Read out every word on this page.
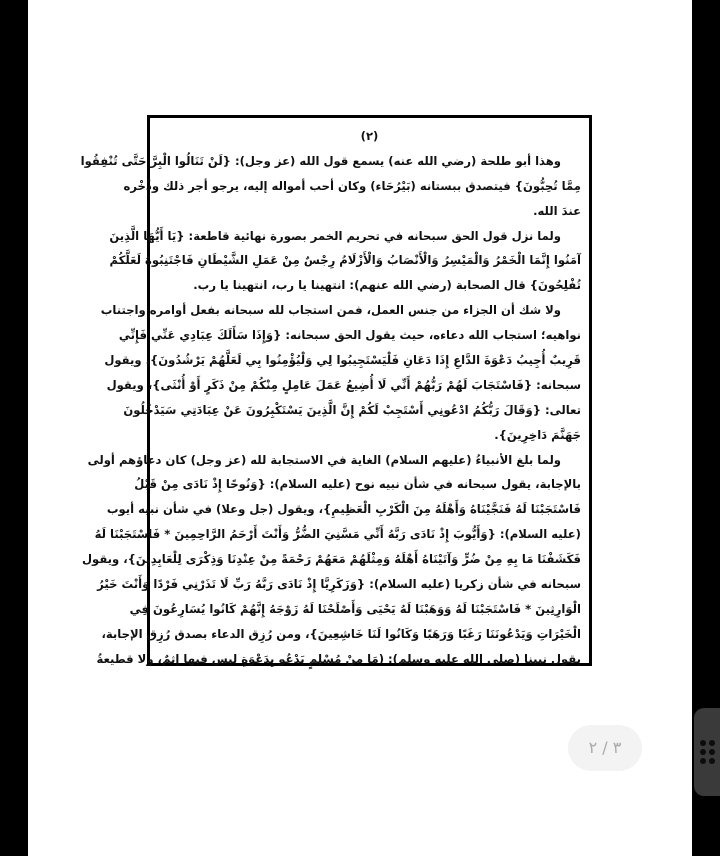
(٢)
وهذا أبو طلحة (رضي الله عنه) يسمع قول الله (عز وجل): {لَنْ تَنَالُوا الْبِرَّ حَتَّى تُنْفِقُوا
مِمَّا تُحِبُّونَ} فيتصدق ببستانه (بَيْرُحَاء) وكان أحب أمواله إليه، يرجو أجر ذلك وذُخْره
عندَ الله.
ولما نزل قول الحق سبحانه في تحريم الخمر بصورة نهائية قاطعة: {يَا أَيُّهَا الَّذِينَ
آمَنُوا إِنَّمَا الْخَمْرُ وَالْمَيْسِرُ وَالْأَنْصَابُ وَالْأَزْلَامُ رِجْسٌ مِنْ عَمَلِ الشَّيْطَانِ فَاجْتَنِبُوهُ لَعَلَّكُمْ
تُفْلِحُونَ} قال الصحابة (رضي الله عنهم): انتهينا يا رب، انتهينا يا رب.
ولا شك أن الجزاء من جنس العمل، فمن استجاب لله سبحانه بفعل أوامره واجتناب
نواهيه؛ استجاب الله دعاءه، حيث يقول الحق سبحانه: {وَإِذَا سَأَلَكَ عِبَادِي عَنِّي فَإِنِّي
قَرِيبٌ أُجِيبُ دَعْوَةَ الدَّاعِ إِذَا دَعَانِ فَلْيَسْتَجِيبُوا لِي وَلْيُؤْمِنُوا بِي لَعَلَّهُمْ يَرْشُدُونَ}، ويقول
سبحانه: {فَاسْتَجَابَ لَهُمْ رَبُّهُمْ أَنِّي لَا أُضِيعُ عَمَلَ عَامِلٍ مِنْكُمْ مِنْ ذَكَرٍ أَوْ أُنْثَى}، ويقول
تعالى: {وَقَالَ رَبُّكُمُ ادْعُونِي أَسْتَجِبْ لَكُمْ إِنَّ الَّذِينَ يَسْتَكْبِرُونَ عَنْ عِبَادَتِي سَيَدْخُلُونَ
جَهَنَّمَ دَاخِرِينَ}.
ولما بلغ الأنبياءُ (عليهم السلام) الغاية في الاستجابة لله (عز وجل) كان دعاؤهم أولى
بالإجابة، يقول سبحانه في شأن نبيه نوح (عليه السلام): {وَنُوحًا إِذْ نَادَى مِنْ قَبْلُ
فَاسْتَجَبْنَا لَهُ فَنَجَّيْنَاهُ وَأَهْلَهُ مِنَ الْكَرْبِ الْعَظِيمِ}، ويقول (جل وعلا) في شأن نبيه أيوب
(عليه السلام): {وَأَيُّوبَ إِذْ نَادَى رَبَّهُ أَنِّي مَسَّنِيَ الضُّرُّ وَأَنْتَ أَرْحَمُ الرَّاحِمِينَ * فَاسْتَجَبْنَا لَهُ
فَكَشَفْنَا مَا بِهِ مِنْ ضُرٍّ وَآتَيْنَاهُ أَهْلَهُ وَمِثْلَهُمْ مَعَهُمْ رَحْمَةً مِنْ عِنْدِنَا وَذِكْرَى لِلْعَابِدِينَ}، ويقول
سبحانه في شأن زكريا (عليه السلام): {وَزَكَرِيَّا إِذْ نَادَى رَبَّهُ رَبِّ لَا تَذَرْنِي فَرْدًا وَأَنْتَ خَيْرُ
الْوَارِثِينَ * فَاسْتَجَبْنَا لَهُ وَوَهَبْنَا لَهُ يَحْيَى وَأَصْلَحْنَا لَهُ زَوْجَهُ إِنَّهُمْ كَانُوا يُسَارِعُونَ فِي
الْخَيْرَاتِ وَيَدْعُونَنَا رَغَبًا وَرَهَبًا وَكَانُوا لَنَا خَاشِعِينَ}، ومن رُزِق الدعاء بصدق رُزِق الإجابة،
يقول نبينا (صلى الله عليه وسلم): (مَا مِنْ مُسْلِمٍ يَدْعُو بِدَعْوَةٍ ليس فيها إثمٌ، ولا قطيعةُ
٣ / ٢
